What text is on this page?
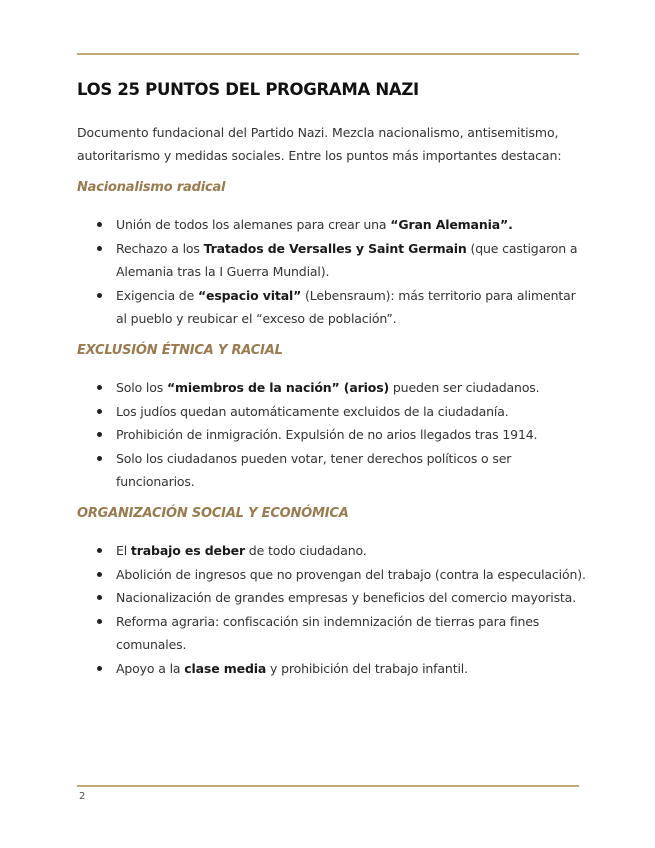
LOS 25 PUNTOS DEL PROGRAMA NAZI

Documento fundacional del Partido Nazi. Mezcla nacionalismo, antisemitismo, autoritarismo y medidas sociales. Entre los puntos más importantes destacan:

Nacionalismo radical
Unión de todos los alemanes para crear una “Gran Alemania”.
Rechazo a los Tratados de Versalles y Saint Germain (que castigaron a Alemania tras la I Guerra Mundial).
Exigencia de “espacio vital” (Lebensraum): más territorio para alimentar al pueblo y reubicar el “exceso de población”.
EXCLUSIÓN ÉTNICA Y RACIAL
Solo los “miembros de la nación” (arios) pueden ser ciudadanos.
Los judíos quedan automáticamente excluidos de la ciudadanía.
Prohibición de inmigración. Expulsión de no arios llegados tras 1914.
Solo los ciudadanos pueden votar, tener derechos políticos o ser funcionarios.
ORGANIZACIÓN SOCIAL Y ECONÓMICA
El trabajo es deber de todo ciudadano.
Abolición de ingresos que no provengan del trabajo (contra la especulación).
Nacionalización de grandes empresas y beneficios del comercio mayorista.
Reforma agraria: confiscación sin indemnización de tierras para fines comunales.
Apoyo a la clase media y prohibición del trabajo infantil.
2
